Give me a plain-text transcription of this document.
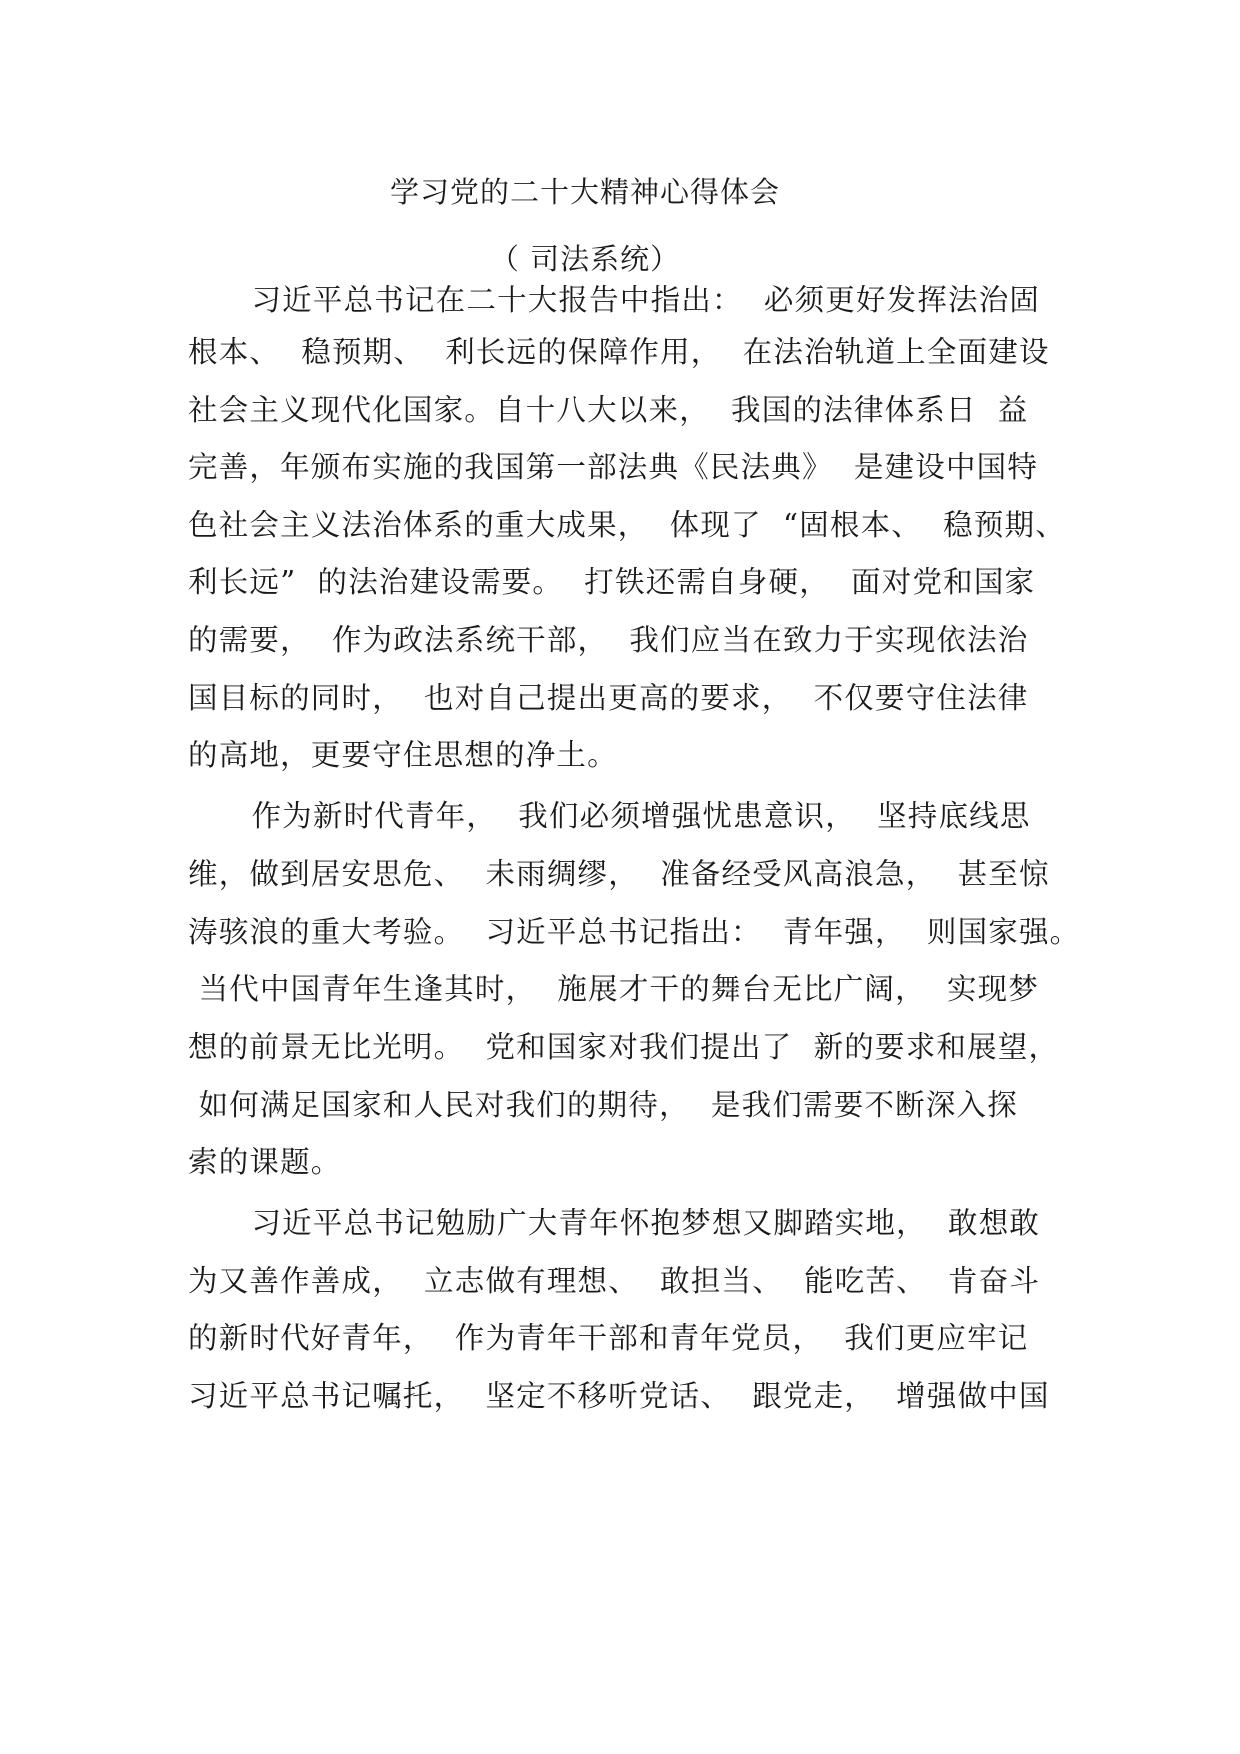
学习党的二十大精神心得体会
（ 司法系统）
习近平总书记在二十大报告中指出：  必须更好发挥法治固
根本、  稳预期、  利长远的保障作用，  在法治轨道上全面建设
社会主义现代化国家。自十八大以来，  我国的法律体系日  益
完善，年颁布实施的我国第一部法典《民法典》  是建设中国特
色社会主义法治体系的重大成果，  体现了  “固根本、  稳预期、
利长远”  的法治建设需要。  打铁还需自身硬，  面对党和国家
的需要，  作为政法系统干部，  我们应当在致力于实现依法治
国目标的同时，  也对自己提出更高的要求，  不仅要守住法律
的高地，更要守住思想的净土。
作为新时代青年，  我们必须增强忧患意识，  坚持底线思
维，做到居安思危、  未雨绸缪，  准备经受风高浪急，  甚至惊
涛骇浪的重大考验。  习近平总书记指出：  青年强，  则国家强。
当代中国青年生逢其时，  施展才干的舞台无比广阔，  实现梦
想的前景无比光明。  党和国家对我们提出了  新的要求和展望，
如何满足国家和人民对我们的期待，  是我们需要不断深入探
索的课题。
习近平总书记勉励广大青年怀抱梦想又脚踏实地，  敢想敢
为又善作善成，  立志做有理想、  敢担当、  能吃苦、  肯奋斗
的新时代好青年，  作为青年干部和青年党员，  我们更应牢记
习近平总书记嘱托，  坚定不移听党话、  跟党走，  增强做中国
